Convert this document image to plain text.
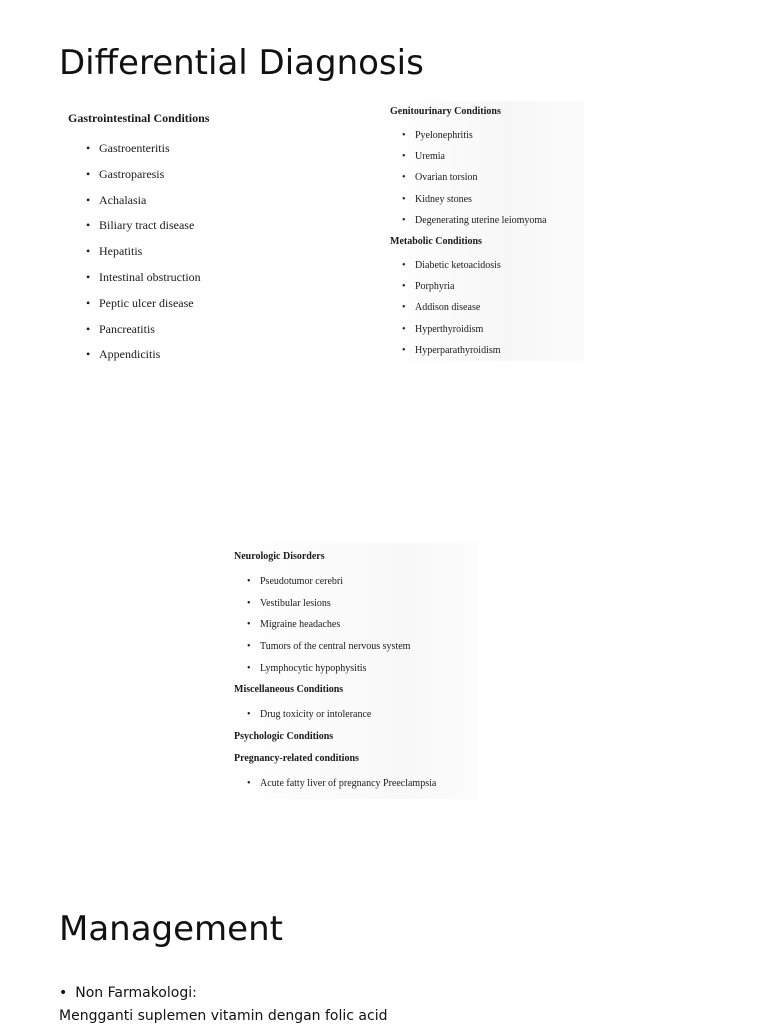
Differential Diagnosis

Gastrointestinal Conditions

• Gastroenteritis
• Gastroparesis
• Achalasia
• Biliary tract disease
• Hepatitis
• Intestinal obstruction
• Peptic ulcer disease
• Pancreatitis
• Appendicitis

Genitourinary Conditions

• Pyelonephritis
• Uremia
• Ovarian torsion
• Kidney stones
• Degenerating uterine leiomyoma

Metabolic Conditions

• Diabetic ketoacidosis
• Porphyria
• Addison disease
• Hyperthyroidism
• Hyperparathyroidism

Neurologic Disorders

• Pseudotumor cerebri
• Vestibular lesions
• Migraine headaches
• Tumors of the central nervous system
• Lymphocytic hypophysitis

Miscellaneous Conditions

• Drug toxicity or intolerance

Psychologic Conditions

Pregnancy-related conditions

• Acute fatty liver of pregnancy Preeclampsia
Management
• Non Farmakologi:
Mengganti suplemen vitamin dengan folic acid
